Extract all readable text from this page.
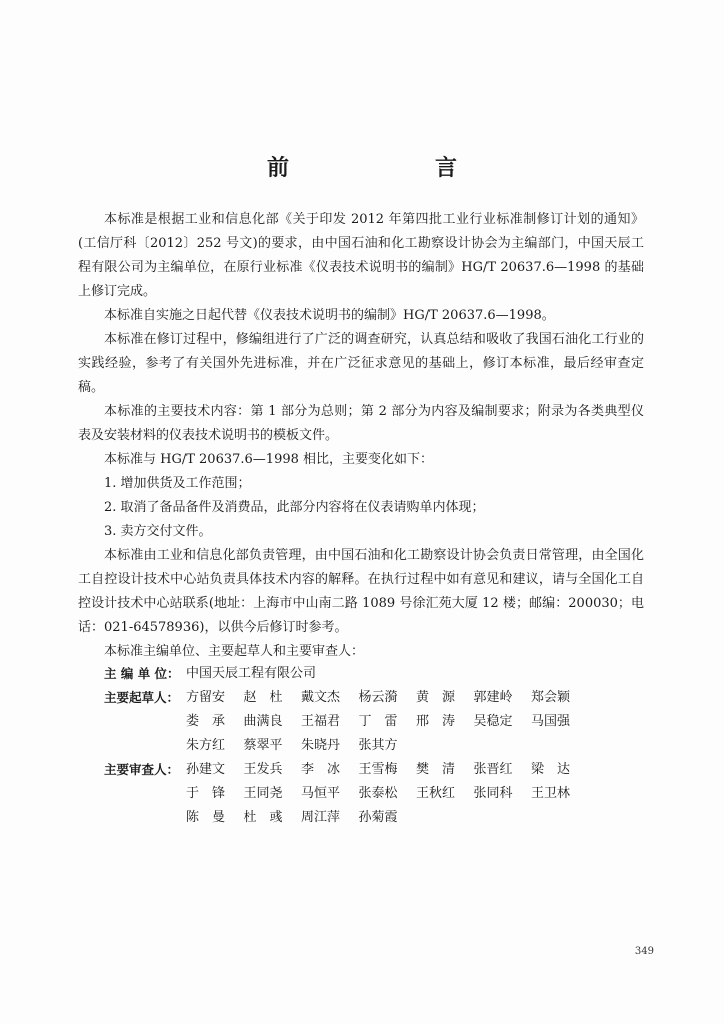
前　　言

本标准是根据工业和信息化部《关于印发 2012 年第四批工业行业标准制修订计划的通知》(工信厅科〔2012〕252 号文)的要求，由中国石油和化工勘察设计协会为主编部门，中国天辰工程有限公司为主编单位，在原行业标准《仪表技术说明书的编制》HG/T 20637.6—1998 的基础上修订完成。

本标准自实施之日起代替《仪表技术说明书的编制》HG/T 20637.6—1998。

本标准在修订过程中，修编组进行了广泛的调查研究，认真总结和吸收了我国石油化工行业的实践经验，参考了有关国外先进标准，并在广泛征求意见的基础上，修订本标准，最后经审查定稿。

本标准的主要技术内容：第 1 部分为总则；第 2 部分为内容及编制要求；附录为各类典型仪表及安装材料的仪表技术说明书的模板文件。

本标准与 HG/T 20637.6—1998 相比，主要变化如下：

1. 增加供货及工作范围；

2. 取消了备品备件及消费品，此部分内容将在仪表请购单内体现；

3. 卖方交付文件。

本标准由工业和信息化部负责管理，由中国石油和化工勘察设计协会负责日常管理，由全国化工自控设计技术中心站负责具体技术内容的解释。在执行过程中如有意见和建议，请与全国化工自控设计技术中心站联系(地址：上海市中山南二路 1089 号徐汇苑大厦 12 楼；邮编：200030；电话：021-64578936)，以供今后修订时参考。

本标准主编单位、主要起草人和主要审查人：

主 编 单 位： 中国天辰工程有限公司
主要起草人： 方留安	赵　杜	戴文杰	杨云漪	黄　源	郭建岭	郑会颖
娄　承	曲满良	王福君	丁　雷	邢　涛	吴稳定	马国强
朱方红	蔡翠平	朱晓丹	张其方
主要审查人： 孙建文	王发兵	李　冰	王雪梅	樊　清	张晋红	梁　达
于　锋	王同尧	马恒平	张泰松	王秋红	张同科	王卫林
陈　曼	杜　彧	周江萍	孙菊霞
349
